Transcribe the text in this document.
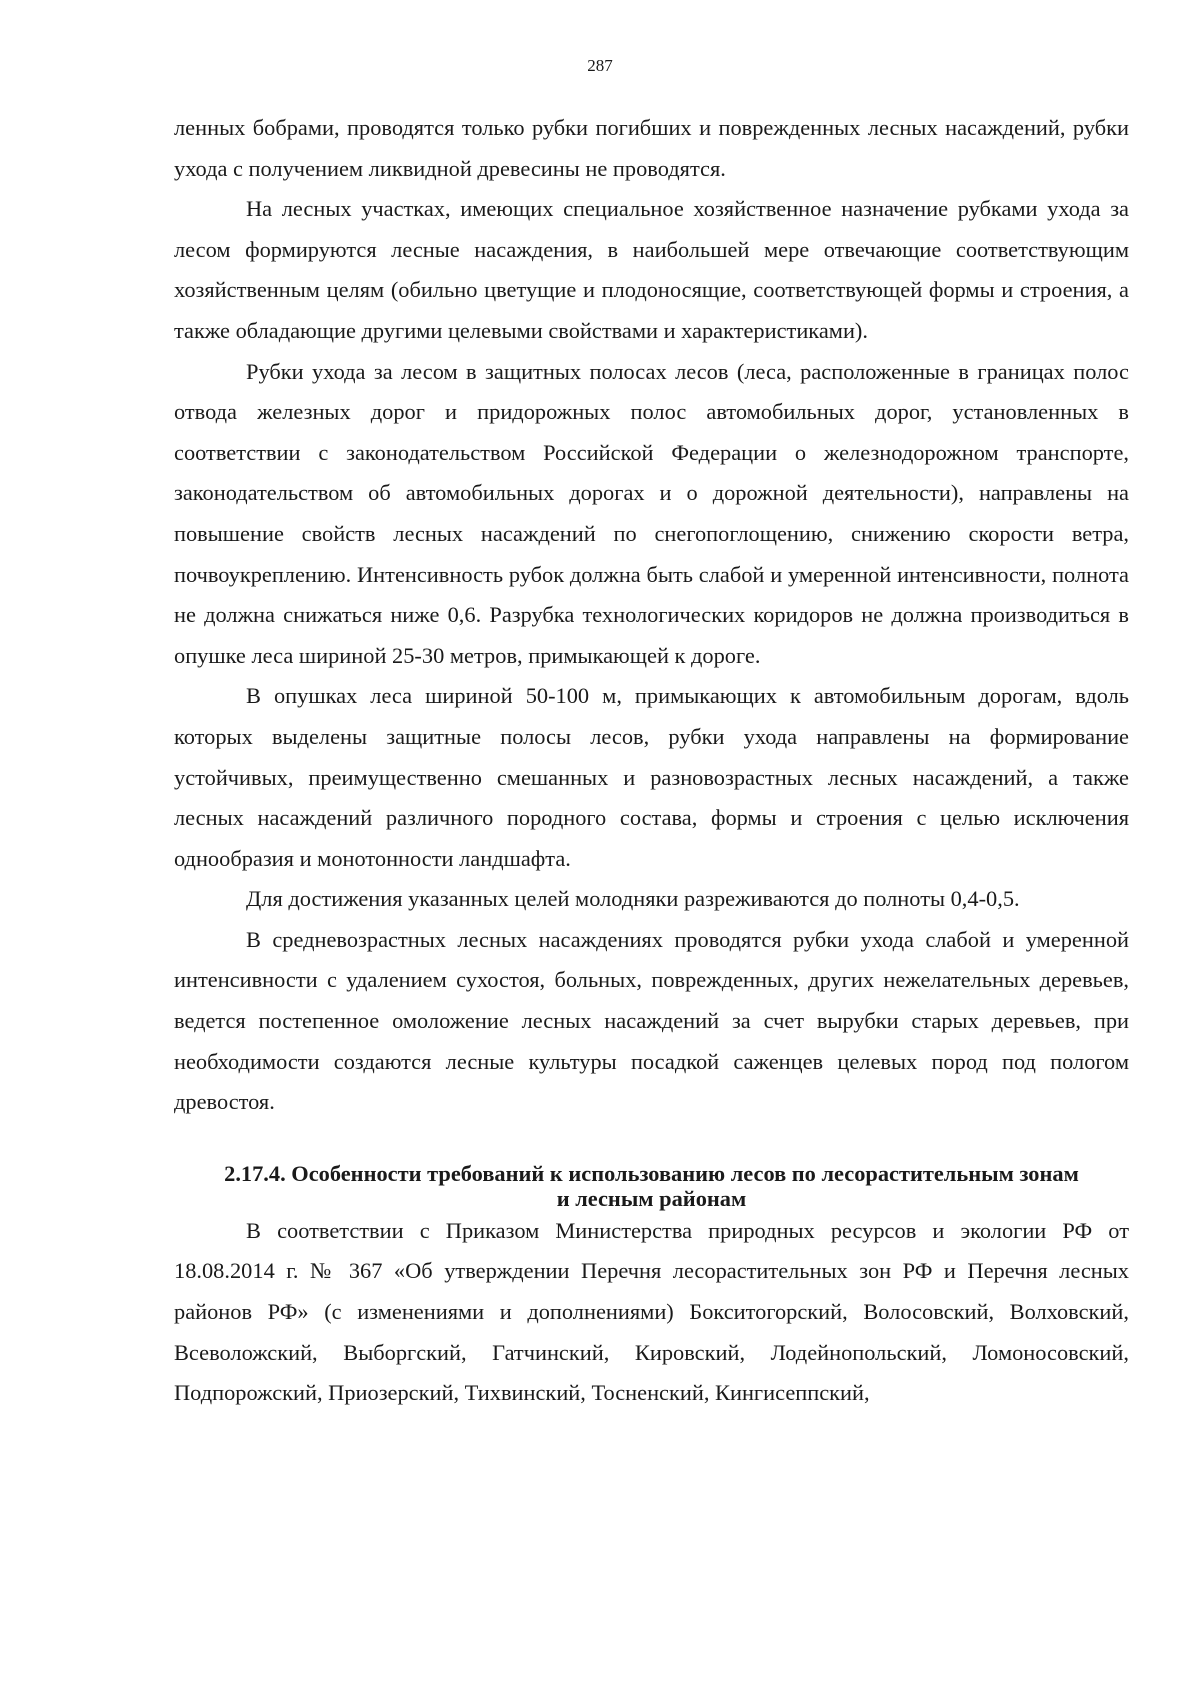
287

ленных бобрами, проводятся только рубки погибших и поврежденных лесных насаждений, рубки ухода с получением ликвидной древесины не проводятся.

На лесных участках, имеющих специальное хозяйственное назначение рубками ухода за лесом формируются лесные насаждения, в наибольшей мере отвечающие соответствующим хозяйственным целям (обильно цветущие и плодоносящие, соответствующей формы и строения, а также обладающие другими целевыми свойствами и характеристиками).

Рубки ухода за лесом в защитных полосах лесов (леса, расположенные в границах полос отвода железных дорог и придорожных полос автомобильных дорог, установленных в соответствии с законодательством Российской Федерации о железнодорожном транспорте, законодательством об автомобильных дорогах и о дорожной деятельности), направлены на повышение свойств лесных насаждений по снегопоглощению, снижению скорости ветра, почвоукреплению. Интенсивность рубок должна быть слабой и умеренной интенсивности, полнота не должна снижаться ниже 0,6. Разрубка технологических коридоров не должна производиться в опушке леса шириной 25-30 метров, примыкающей к дороге.

В опушках леса шириной 50-100 м, примыкающих к автомобильным дорогам, вдоль которых выделены защитные полосы лесов, рубки ухода направлены на формирование устойчивых, преимущественно смешанных и разновозрастных лесных насаждений, а также лесных насаждений различного породного состава, формы и строения с целью исключения однообразия и монотонности ландшафта.

Для достижения указанных целей молодняки разреживаются до полноты 0,4-0,5.

В средневозрастных лесных насаждениях проводятся рубки ухода слабой и умеренной интенсивности с удалением сухостоя, больных, поврежденных, других нежелательных деревьев, ведется постепенное омоложение лесных насаждений за счет вырубки старых деревьев, при необходимости создаются лесные культуры посадкой саженцев целевых пород под пологом древостоя.

2.17.4. Особенности требований к использованию лесов по лесорастительным зонам
и лесным районам

В соответствии с Приказом Министерства природных ресурсов и экологии РФ от 18.08.2014 г. № 367 «Об утверждении Перечня лесорастительных зон РФ и Перечня лесных районов РФ» (с изменениями и дополнениями) Бокситогорский, Волосовский, Волховский, Всеволожский, Выборгский, Гатчинский, Кировский, Лодейнопольский, Ломоносовский, Подпорожский, Приозерский, Тихвинский, Тосненский, Кингисеппский,
